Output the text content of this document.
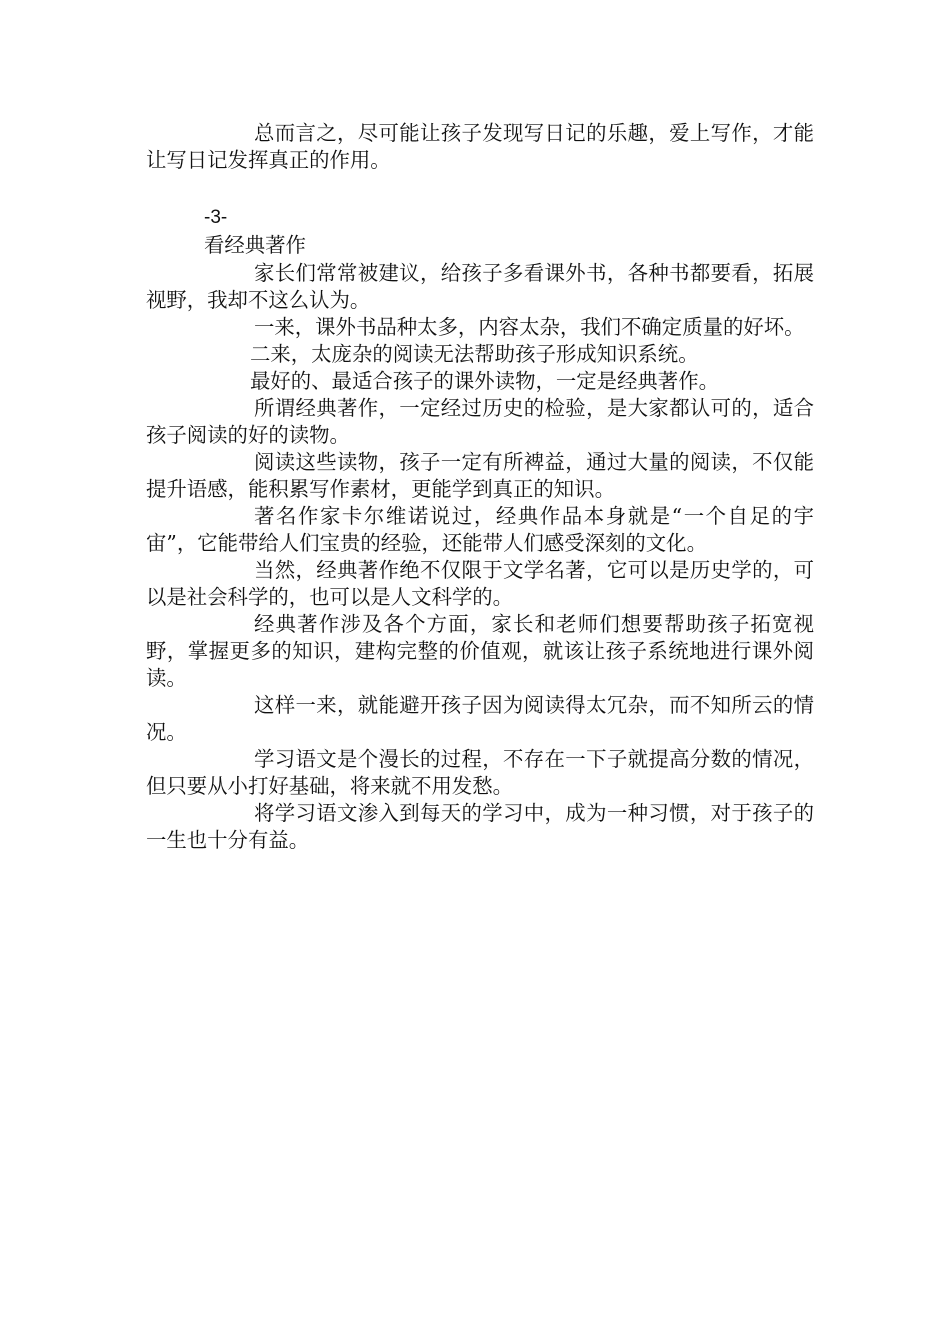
总而言之，尽可能让孩子发现写日记的乐趣，爱上写作，才能让写日记发挥真正的作用。

-3-

看经典著作

家长们常常被建议，给孩子多看课外书，各种书都要看，拓展视野，我却不这么认为。

一来，课外书品种太多，内容太杂，我们不确定质量的好坏。

二来，太庞杂的阅读无法帮助孩子形成知识系统。

最好的、最适合孩子的课外读物，一定是经典著作。

所谓经典著作，一定经过历史的检验，是大家都认可的，适合孩子阅读的好的读物。

阅读这些读物，孩子一定有所裨益，通过大量的阅读，不仅能提升语感，能积累写作素材，更能学到真正的知识。

著名作家卡尔维诺说过，经典作品本身就是“一个自足的宇宙”，它能带给人们宝贵的经验，还能带人们感受深刻的文化。

当然，经典著作绝不仅限于文学名著，它可以是历史学的，可以是社会科学的，也可以是人文科学的。

经典著作涉及各个方面，家长和老师们想要帮助孩子拓宽视野，掌握更多的知识，建构完整的价值观，就该让孩子系统地进行课外阅读。

这样一来，就能避开孩子因为阅读得太冗杂，而不知所云的情况。

学习语文是个漫长的过程，不存在一下子就提高分数的情况，但只要从小打好基础，将来就不用发愁。

将学习语文渗入到每天的学习中，成为一种习惯，对于孩子的一生也十分有益。
